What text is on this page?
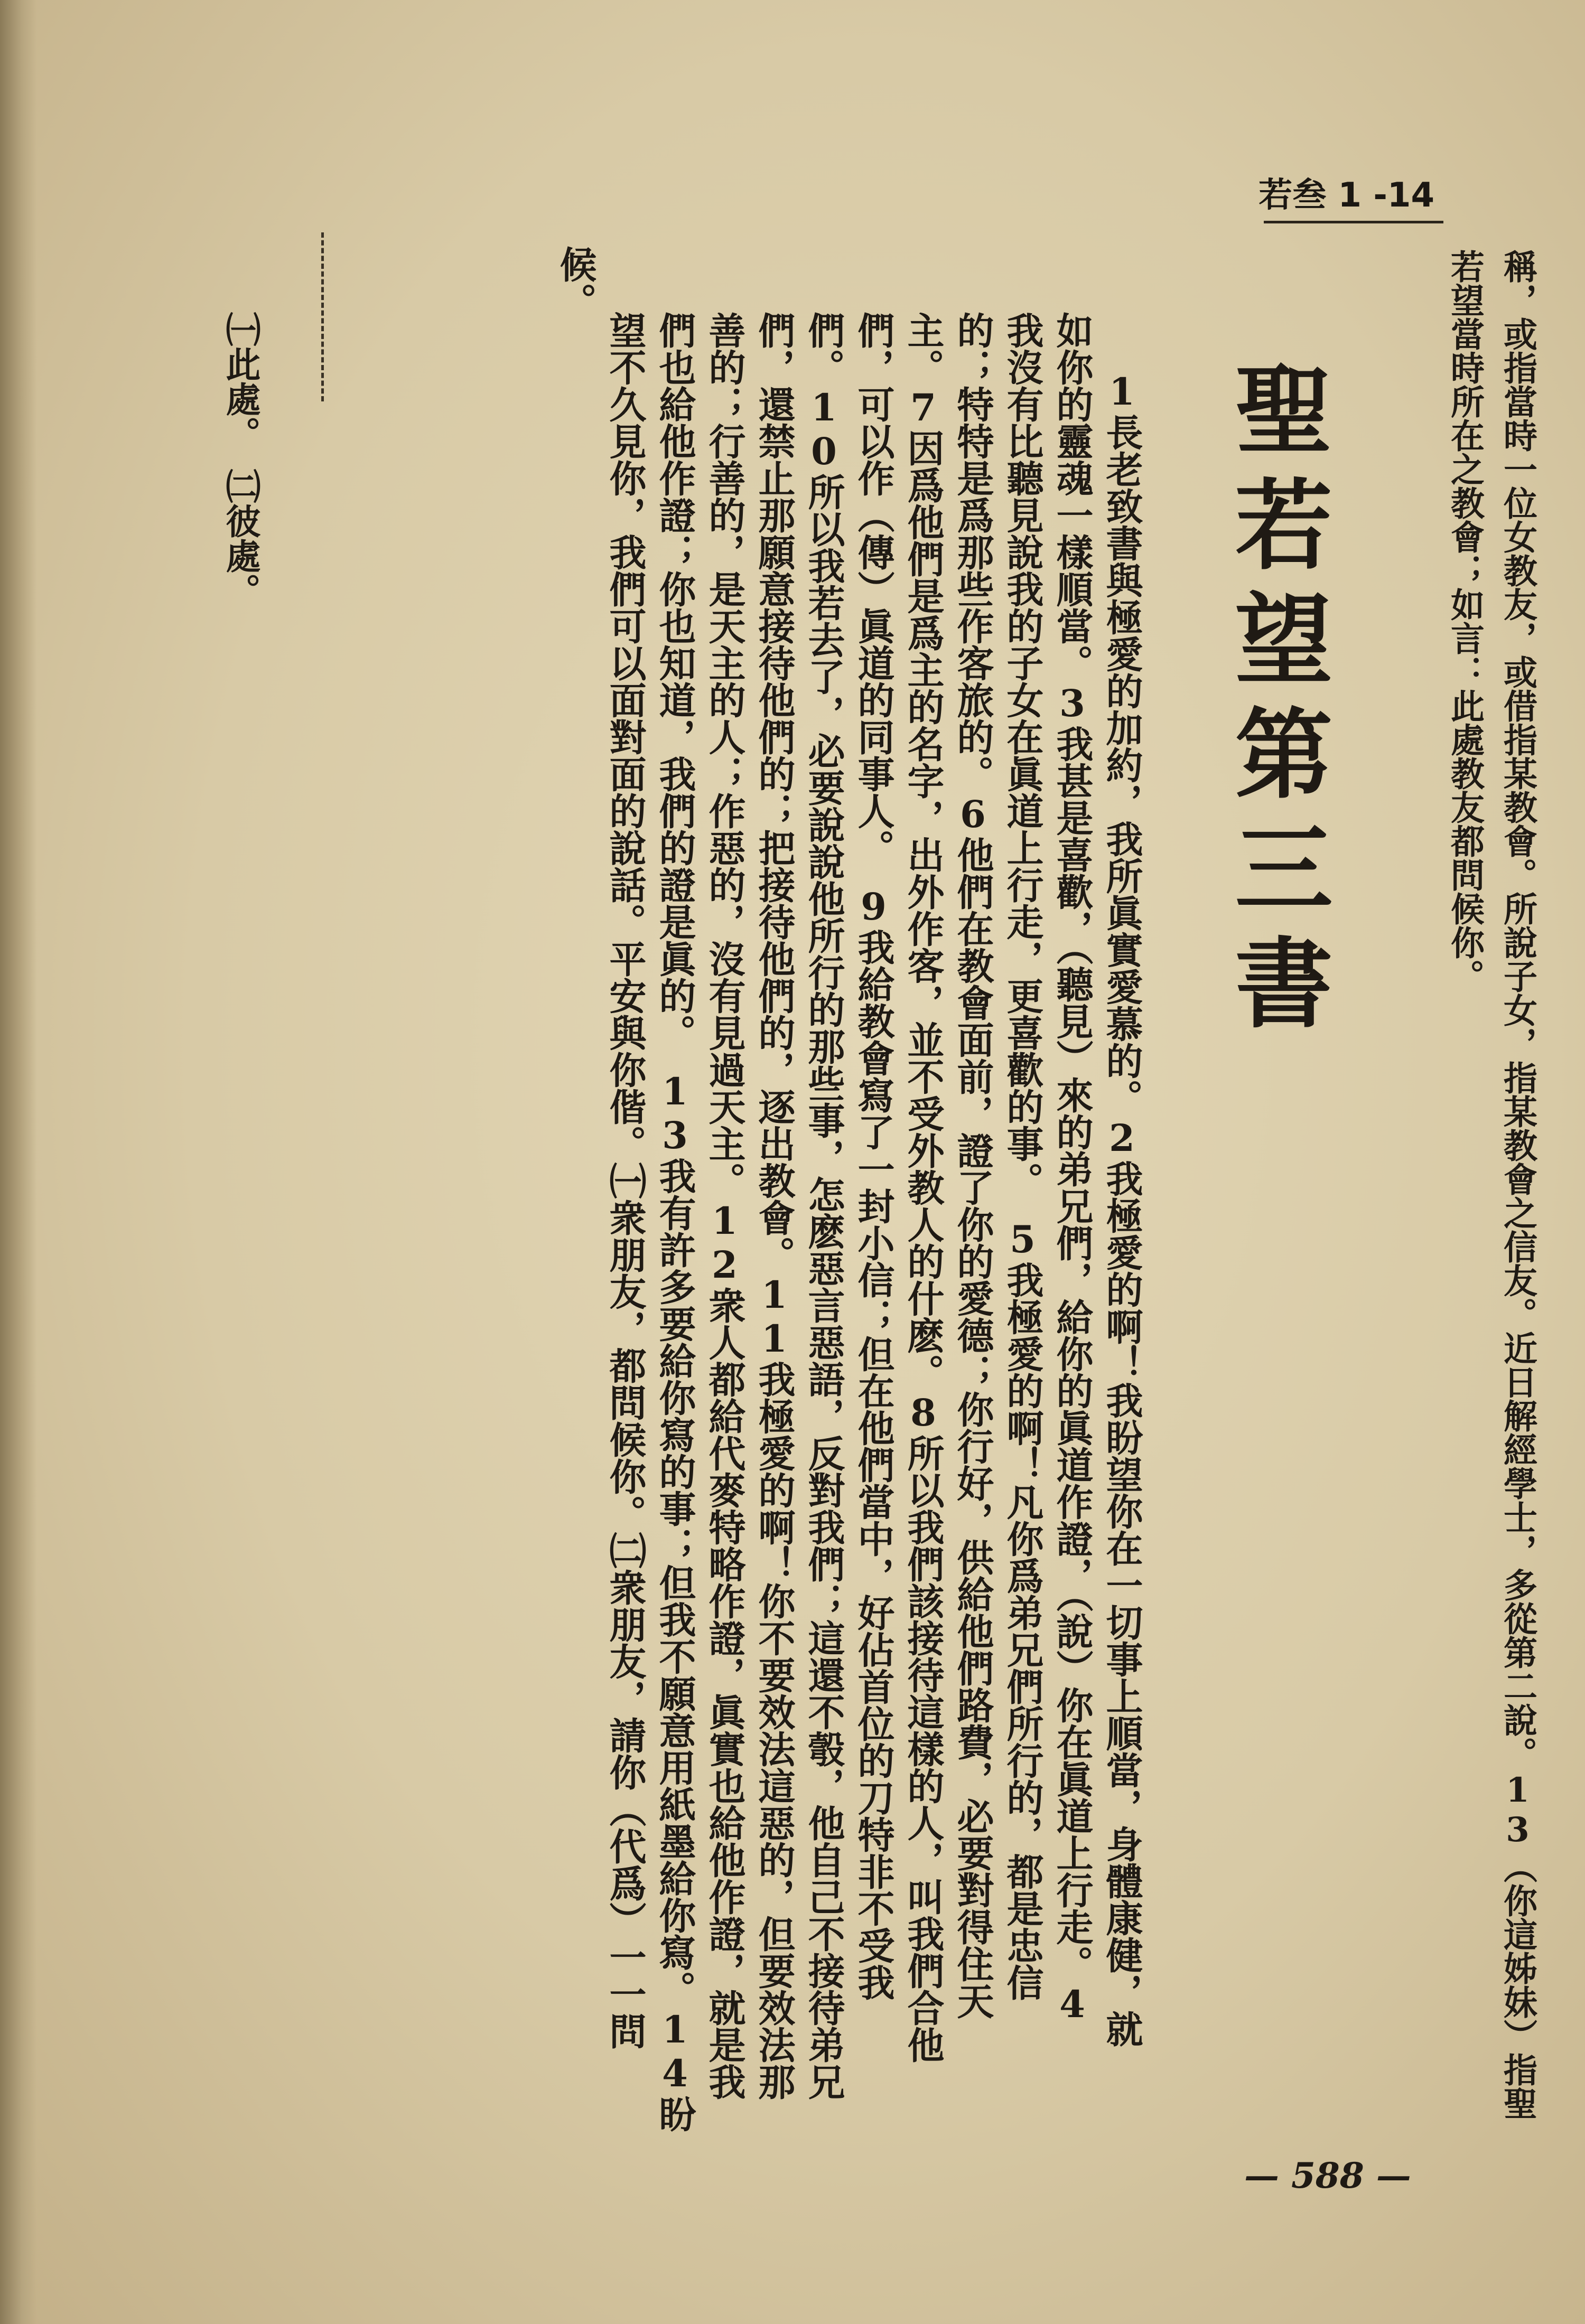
若叁 1 -14
稱，或指當時一位女教友，或借指某教會。所說子女，指某教會之信友。近日解經學士，多從第二說。13（你這姊妹）指聖
若望當時所在之教會；如言：此處教友都問候你。
聖若望第三書
1長老致書與極愛的加約，我所眞實愛慕的。2我極愛的啊！我盼望你在一切事上順當，身體康健，就
如你的靈魂一樣順當。3我甚是喜歡，（聽見）來的弟兄們，給你的眞道作證，（說）你在眞道上行走。4
我沒有比聽見說我的子女在眞道上行走，更喜歡的事。　5我極愛的啊！凡你爲弟兄們所行的，都是忠信
的；特特是爲那些作客旅的。6他們在教會面前，證了你的愛德；你行好，供給他們路費，必要對得住天
主。7因爲他們是爲主的名字，出外作客，並不受外教人的什麽。8所以我們該接待這樣的人，叫我們合他
們，可以作（傳）眞道的同事人。　9我給教會寫了一封小信；但在他們當中，好佔首位的刀特非不受我
們。10所以我若去了，必要說說他所行的那些事，怎麽惡言惡語，反對我們；這還不彀，他自己不接待弟兄
們，還禁止那願意接待他們的；把接待他們的，逐出教會。11我極愛的啊！你不要效法這惡的，但要效法那
善的；行善的，是天主的人；作惡的，沒有見過天主。12衆人都給代麥特略作證，眞實也給他作證，就是我
們也給他作證；你也知道，我們的證是眞的。　13我有許多要給你寫的事；但我不願意用紙墨給你寫。14盼
望不久見你，我們可以面對面的說話。平安與你偕。㈠衆朋友，都問候你。㈡衆朋友，請你（代爲）一一問
候。
㈠此處。　㈡彼處。
— 588 —
